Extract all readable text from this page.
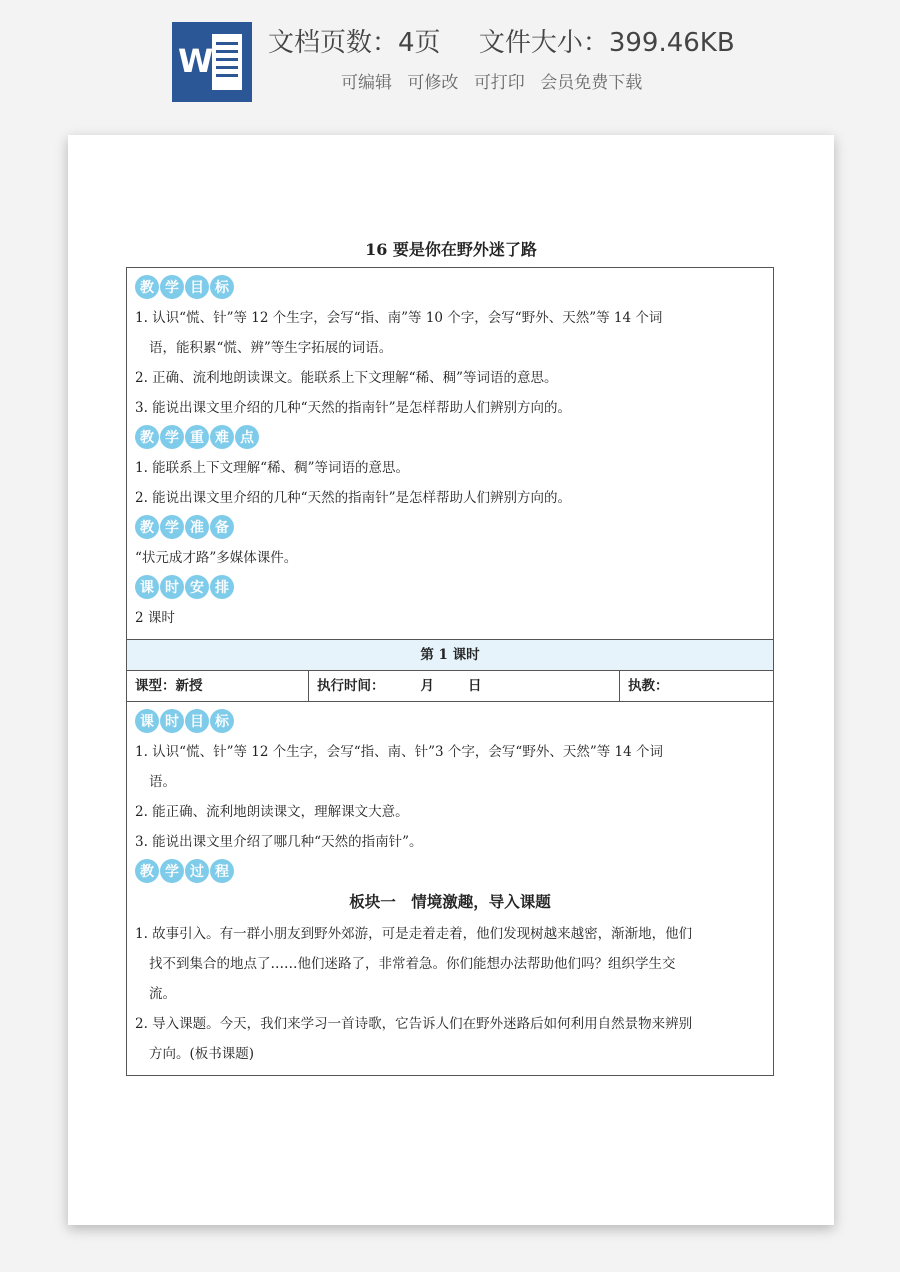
W 文档页数：4页 文件大小：399.46KB
可编辑 可修改 可打印 会员免费下载
16 要是你在野外迷了路
教 学 目 标
1. 认识“慌、针”等 12 个生字，会写“指、南”等 10 个字，会写“野外、天然”等 14 个词
语，能积累“慌、辨”等生字拓展的词语。
2. 正确、流利地朗读课文。能联系上下文理解“稀、稠”等词语的意思。
3. 能说出课文里介绍的几种“天然的指南针”是怎样帮助人们辨别方向的。
教 学 重 难 点
1. 能联系上下文理解“稀、稠”等词语的意思。
2. 能说出课文里介绍的几种“天然的指南针”是怎样帮助人们辨别方向的。
教 学 准 备
“状元成才路”多媒体课件。
课 时 安 排
2 课时
第 1 课时
课型：新授	执行时间：	月	日	执教：
课 时 目 标
1. 认识“慌、针”等 12 个生字，会写“指、南、针”3 个字，会写“野外、天然”等 14 个词
语。
2. 能正确、流利地朗读课文，理解课文大意。
3. 能说出课文里介绍了哪几种“天然的指南针”。
教 学 过 程
板块一　情境激趣，导入课题
1. 故事引入。有一群小朋友到野外郊游，可是走着走着，他们发现树越来越密，渐渐地，他们
找不到集合的地点了……他们迷路了，非常着急。你们能想办法帮助他们吗？组织学生交
流。
2. 导入课题。今天，我们来学习一首诗歌，它告诉人们在野外迷路后如何利用自然景物来辨别
方向。(板书课题)
